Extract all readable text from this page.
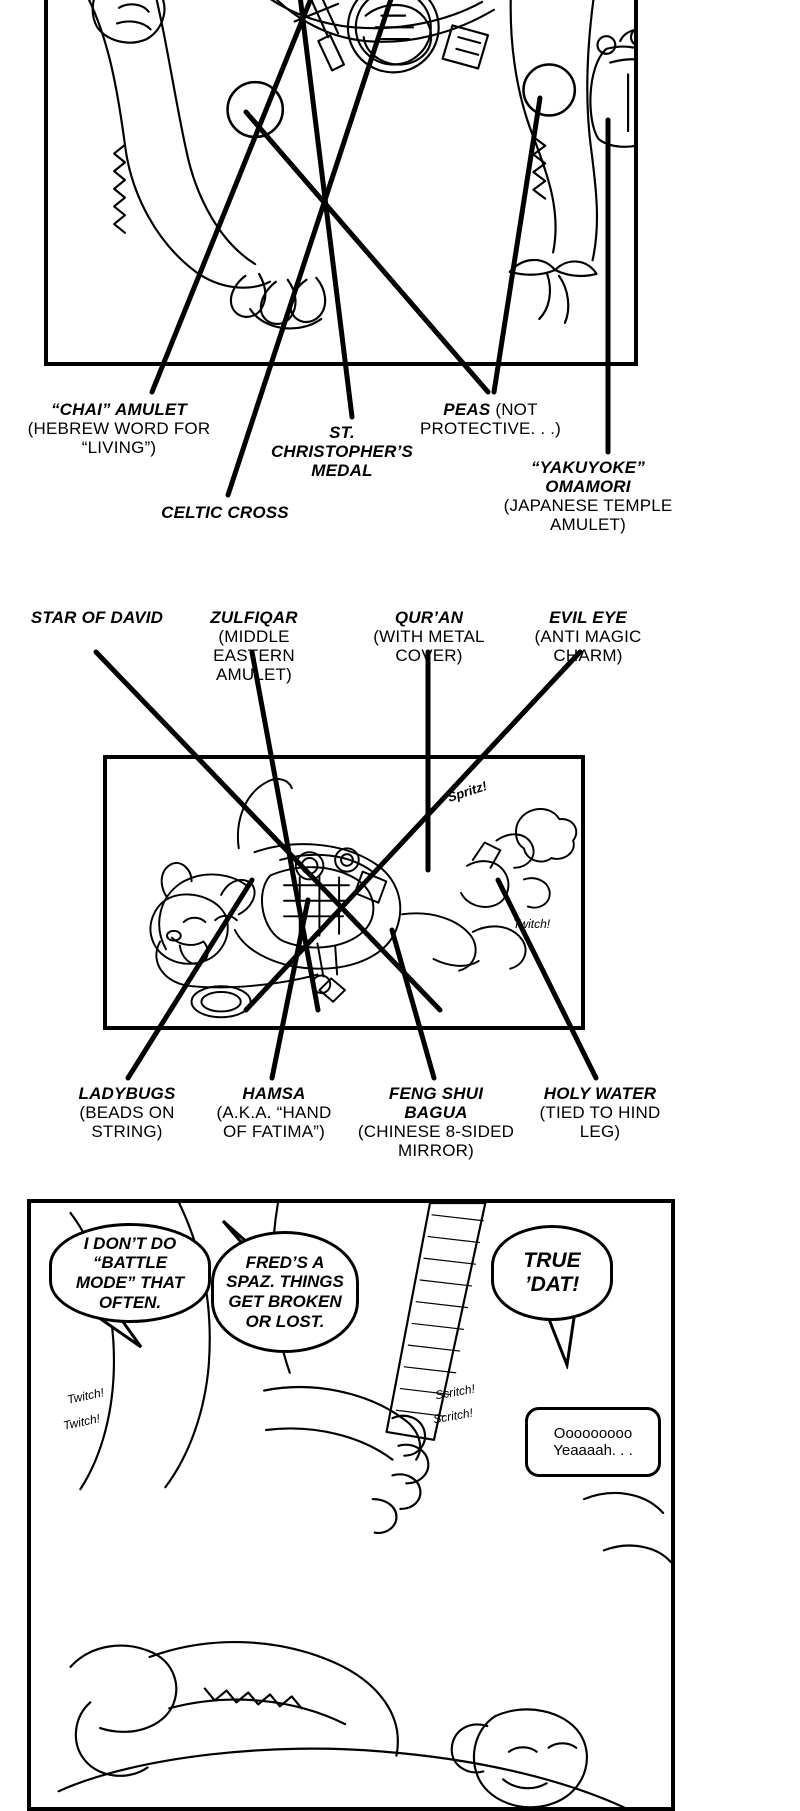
“CHAI” AMULET
(HEBREW WORD FOR “LIVING”)
CELTIC CROSS
ST. CHRISTOPHER’S MEDAL
PEAS (NOT PROTECTIVE. . .)
“YAKUYOKE” OMAMORI
(JAPANESE TEMPLE AMULET)
STAR OF DAVID	ZULFIQAR
(MIDDLE EASTERN AMULET)
QUR’AN
(WITH METAL COVER)
EVIL EYE
(ANTI MAGIC CHARM)
Spritz!
Twitch!
LADYBUGS
(BEADS ON STRING)
HAMSA
(A.K.A. “HAND OF FATIMA”)
FENG SHUI BAGUA
(CHINESE 8-SIDED MIRROR)
HOLY WATER
(TIED TO HIND LEG)
I DON’T DO “BATTLE MODE” THAT OFTEN.
FRED’S A SPAZ. THINGS GET BROKEN OR LOST.
TRUE ’DAT!
Ooooooooo Yeaaaah. . .
Twitch!
Twitch!
Scritch!
Scritch!
